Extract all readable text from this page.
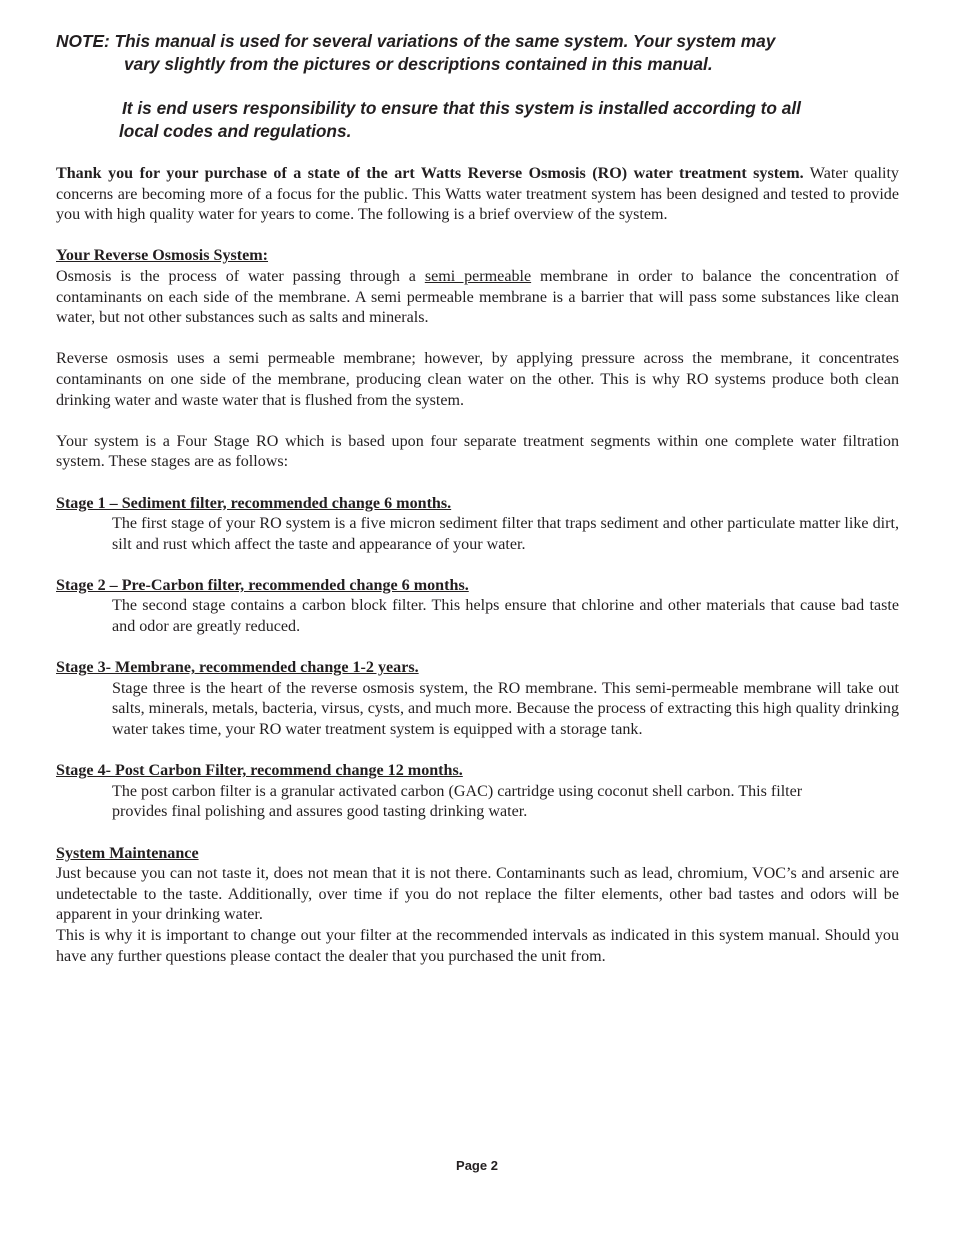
NOTE: This manual is used for several variations of the same system. Your system may

vary slightly from the pictures or descriptions contained in this manual.

It is end users responsibility to ensure that this system is installed according to all

local codes and regulations.

Thank you for your purchase of a state of the art Watts Reverse Osmosis (RO) water treatment system. Water quality concerns are becoming more of a focus for the public. This Watts water treatment system has been designed and tested to provide you with high quality water for years to come. The following is a brief overview of the system.

Your Reverse Osmosis System:

Osmosis is the process of water passing through a semi permeable membrane in order to balance the concentration of contaminants on each side of the membrane. A semi permeable membrane is a barrier that will pass some substances like clean water, but not other substances such as salts and minerals.

Reverse osmosis uses a semi permeable membrane; however, by applying pressure across the membrane, it concentrates contaminants on one side of the membrane, producing clean water on the other. This is why RO systems produce both clean drinking water and waste water that is flushed from the system.

Your system is a Four Stage RO which is based upon four separate treatment segments within one complete water filtration system. These stages are as follows:

Stage 1 – Sediment filter, recommended change 6 months.

The first stage of your RO system is a five micron sediment filter that traps sediment and other particulate matter like dirt, silt and rust which affect the taste and appearance of your water.

Stage 2 – Pre-Carbon filter, recommended change 6 months.

The second stage contains a carbon block filter. This helps ensure that chlorine and other materials that cause bad taste and odor are greatly reduced.

Stage 3- Membrane, recommended change 1-2 years.

Stage three is the heart of the reverse osmosis system, the RO membrane. This semi-permeable membrane will take out salts, minerals, metals, bacteria, virsus, cysts, and much more. Because the process of extracting this high quality drinking water takes time, your RO water treatment system is equipped with a storage tank.

Stage 4- Post Carbon Filter, recommend change 12 months.

The post carbon filter is a granular activated carbon (GAC) cartridge using coconut shell carbon. This filter

provides final polishing and assures good tasting drinking water.

System Maintenance

Just because you can not taste it, does not mean that it is not there. Contaminants such as lead, chromium, VOC’s and arsenic are undetectable to the taste. Additionally, over time if you do not replace the filter elements, other bad tastes and odors will be apparent in your drinking water.

This is why it is important to change out your filter at the recommended intervals as indicated in this system manual. Should you have any further questions please contact the dealer that you purchased the unit from.

Page 2
